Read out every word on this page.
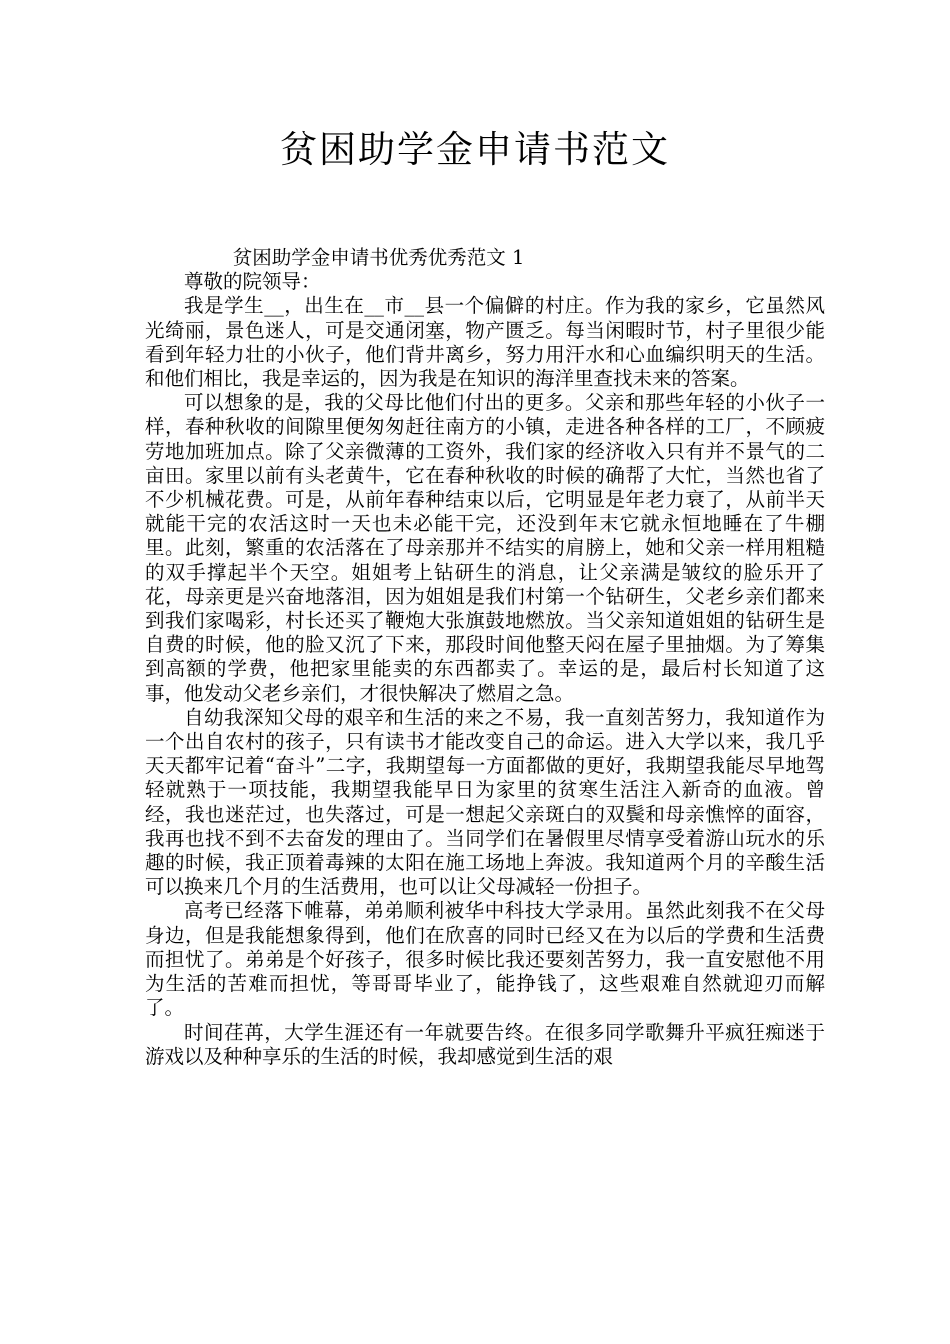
贫困助学金申请书范文

贫困助学金申请书优秀优秀范文 1

尊敬的院领导：

我是学生__，出生在__市__县一个偏僻的村庄。作为我的家乡，它虽然风光绮丽，景色迷人，可是交通闭塞，物产匮乏。每当闲暇时节，村子里很少能看到年轻力壮的小伙子，他们背井离乡，努力用汗水和心血编织明天的生活。和他们相比，我是幸运的，因为我是在知识的海洋里查找未来的答案。

可以想象的是，我的父母比他们付出的更多。父亲和那些年轻的小伙子一样，春种秋收的间隙里便匆匆赶往南方的小镇，走进各种各样的工厂，不顾疲劳地加班加点。除了父亲微薄的工资外，我们家的经济收入只有并不景气的二亩田。家里以前有头老黄牛，它在春种秋收的时候的确帮了大忙，当然也省了不少机械花费。可是，从前年春种结束以后，它明显是年老力衰了，从前半天就能干完的农活这时一天也未必能干完，还没到年末它就永恒地睡在了牛棚里。此刻，繁重的农活落在了母亲那并不结实的肩膀上，她和父亲一样用粗糙的双手撑起半个天空。姐姐考上钻研生的消息，让父亲满是皱纹的脸乐开了花，母亲更是兴奋地落泪，因为姐姐是我们村第一个钻研生，父老乡亲们都来到我们家喝彩，村长还买了鞭炮大张旗鼓地燃放。当父亲知道姐姐的钻研生是自费的时候，他的脸又沉了下来，那段时间他整天闷在屋子里抽烟。为了筹集到高额的学费，他把家里能卖的东西都卖了。幸运的是，最后村长知道了这事，他发动父老乡亲们，才很快解决了燃眉之急。

自幼我深知父母的艰辛和生活的来之不易，我一直刻苦努力，我知道作为一个出自农村的孩子，只有读书才能改变自己的命运。进入大学以来，我几乎天天都牢记着“奋斗”二字，我期望每一方面都做的更好，我期望我能尽早地驾轻就熟于一项技能，我期望我能早日为家里的贫寒生活注入新奇的血液。曾经，我也迷茫过，也失落过，可是一想起父亲斑白的双鬓和母亲憔悴的面容，我再也找不到不去奋发的理由了。当同学们在暑假里尽情享受着游山玩水的乐趣的时候，我正顶着毒辣的太阳在施工场地上奔波。我知道两个月的辛酸生活可以换来几个月的生活费用，也可以让父母减轻一份担子。

高考已经落下帷幕，弟弟顺利被华中科技大学录用。虽然此刻我不在父母身边，但是我能想象得到，他们在欣喜的同时已经又在为以后的学费和生活费而担忧了。弟弟是个好孩子，很多时候比我还要刻苦努力，我一直安慰他不用为生活的苦难而担忧，等哥哥毕业了，能挣钱了，这些艰难自然就迎刃而解了。

时间荏苒，大学生涯还有一年就要告终。在很多同学歌舞升平疯狂痴迷于游戏以及种种享乐的生活的时候，我却感觉到生活的艰
